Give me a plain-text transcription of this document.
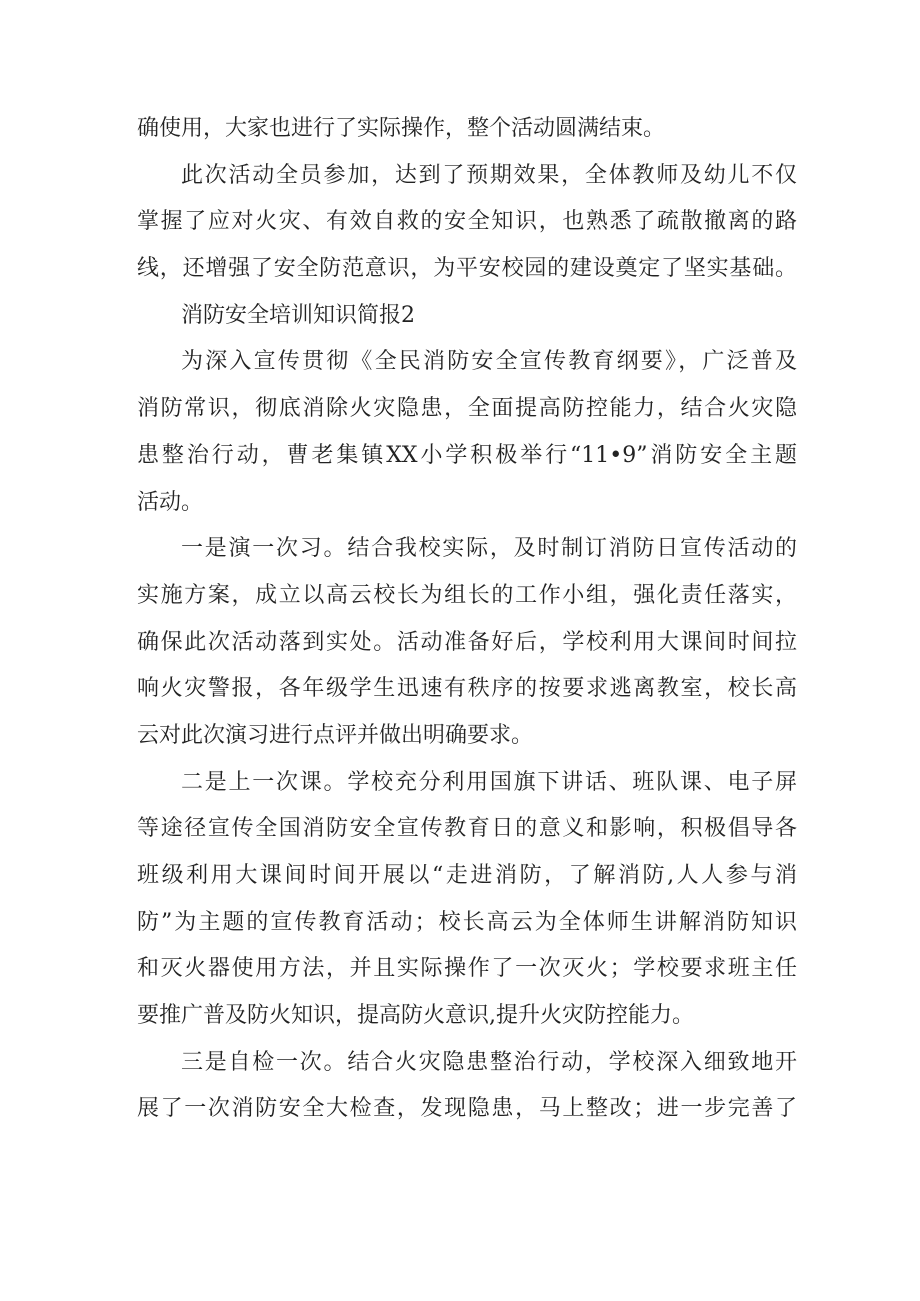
确使用，大家也进行了实际操作，整个活动圆满结束。
此次活动全员参加，达到了预期效果，全体教师及幼儿不仅
掌握了应对火灾、有效自救的安全知识，也熟悉了疏散撤离的路
线，还增强了安全防范意识，为平安校园的建设奠定了坚实基础。
消防安全培训知识简报2
为深入宣传贯彻《全民消防安全宣传教育纲要》，广泛普及
消防常识，彻底消除火灾隐患，全面提高防控能力，结合火灾隐
患整治行动，曹老集镇XX小学积极举行“11•9”消防安全主题
活动。
一是演一次习。结合我校实际，及时制订消防日宣传活动的
实施方案，成立以高云校长为组长的工作小组，强化责任落实，
确保此次活动落到实处。活动准备好后，学校利用大课间时间拉
响火灾警报，各年级学生迅速有秩序的按要求逃离教室，校长高
云对此次演习进行点评并做出明确要求。
二是上一次课。学校充分利用国旗下讲话、班队课、电子屏
等途径宣传全国消防安全宣传教育日的意义和影响，积极倡导各
班级利用大课间时间开展以“走进消防，了解消防,人人参与消
防”为主题的宣传教育活动；校长高云为全体师生讲解消防知识
和灭火器使用方法，并且实际操作了一次灭火；学校要求班主任
要推广普及防火知识，提高防火意识,提升火灾防控能力。
三是自检一次。结合火灾隐患整治行动，学校深入细致地开
展了一次消防安全大检查，发现隐患，马上整改；进一步完善了
